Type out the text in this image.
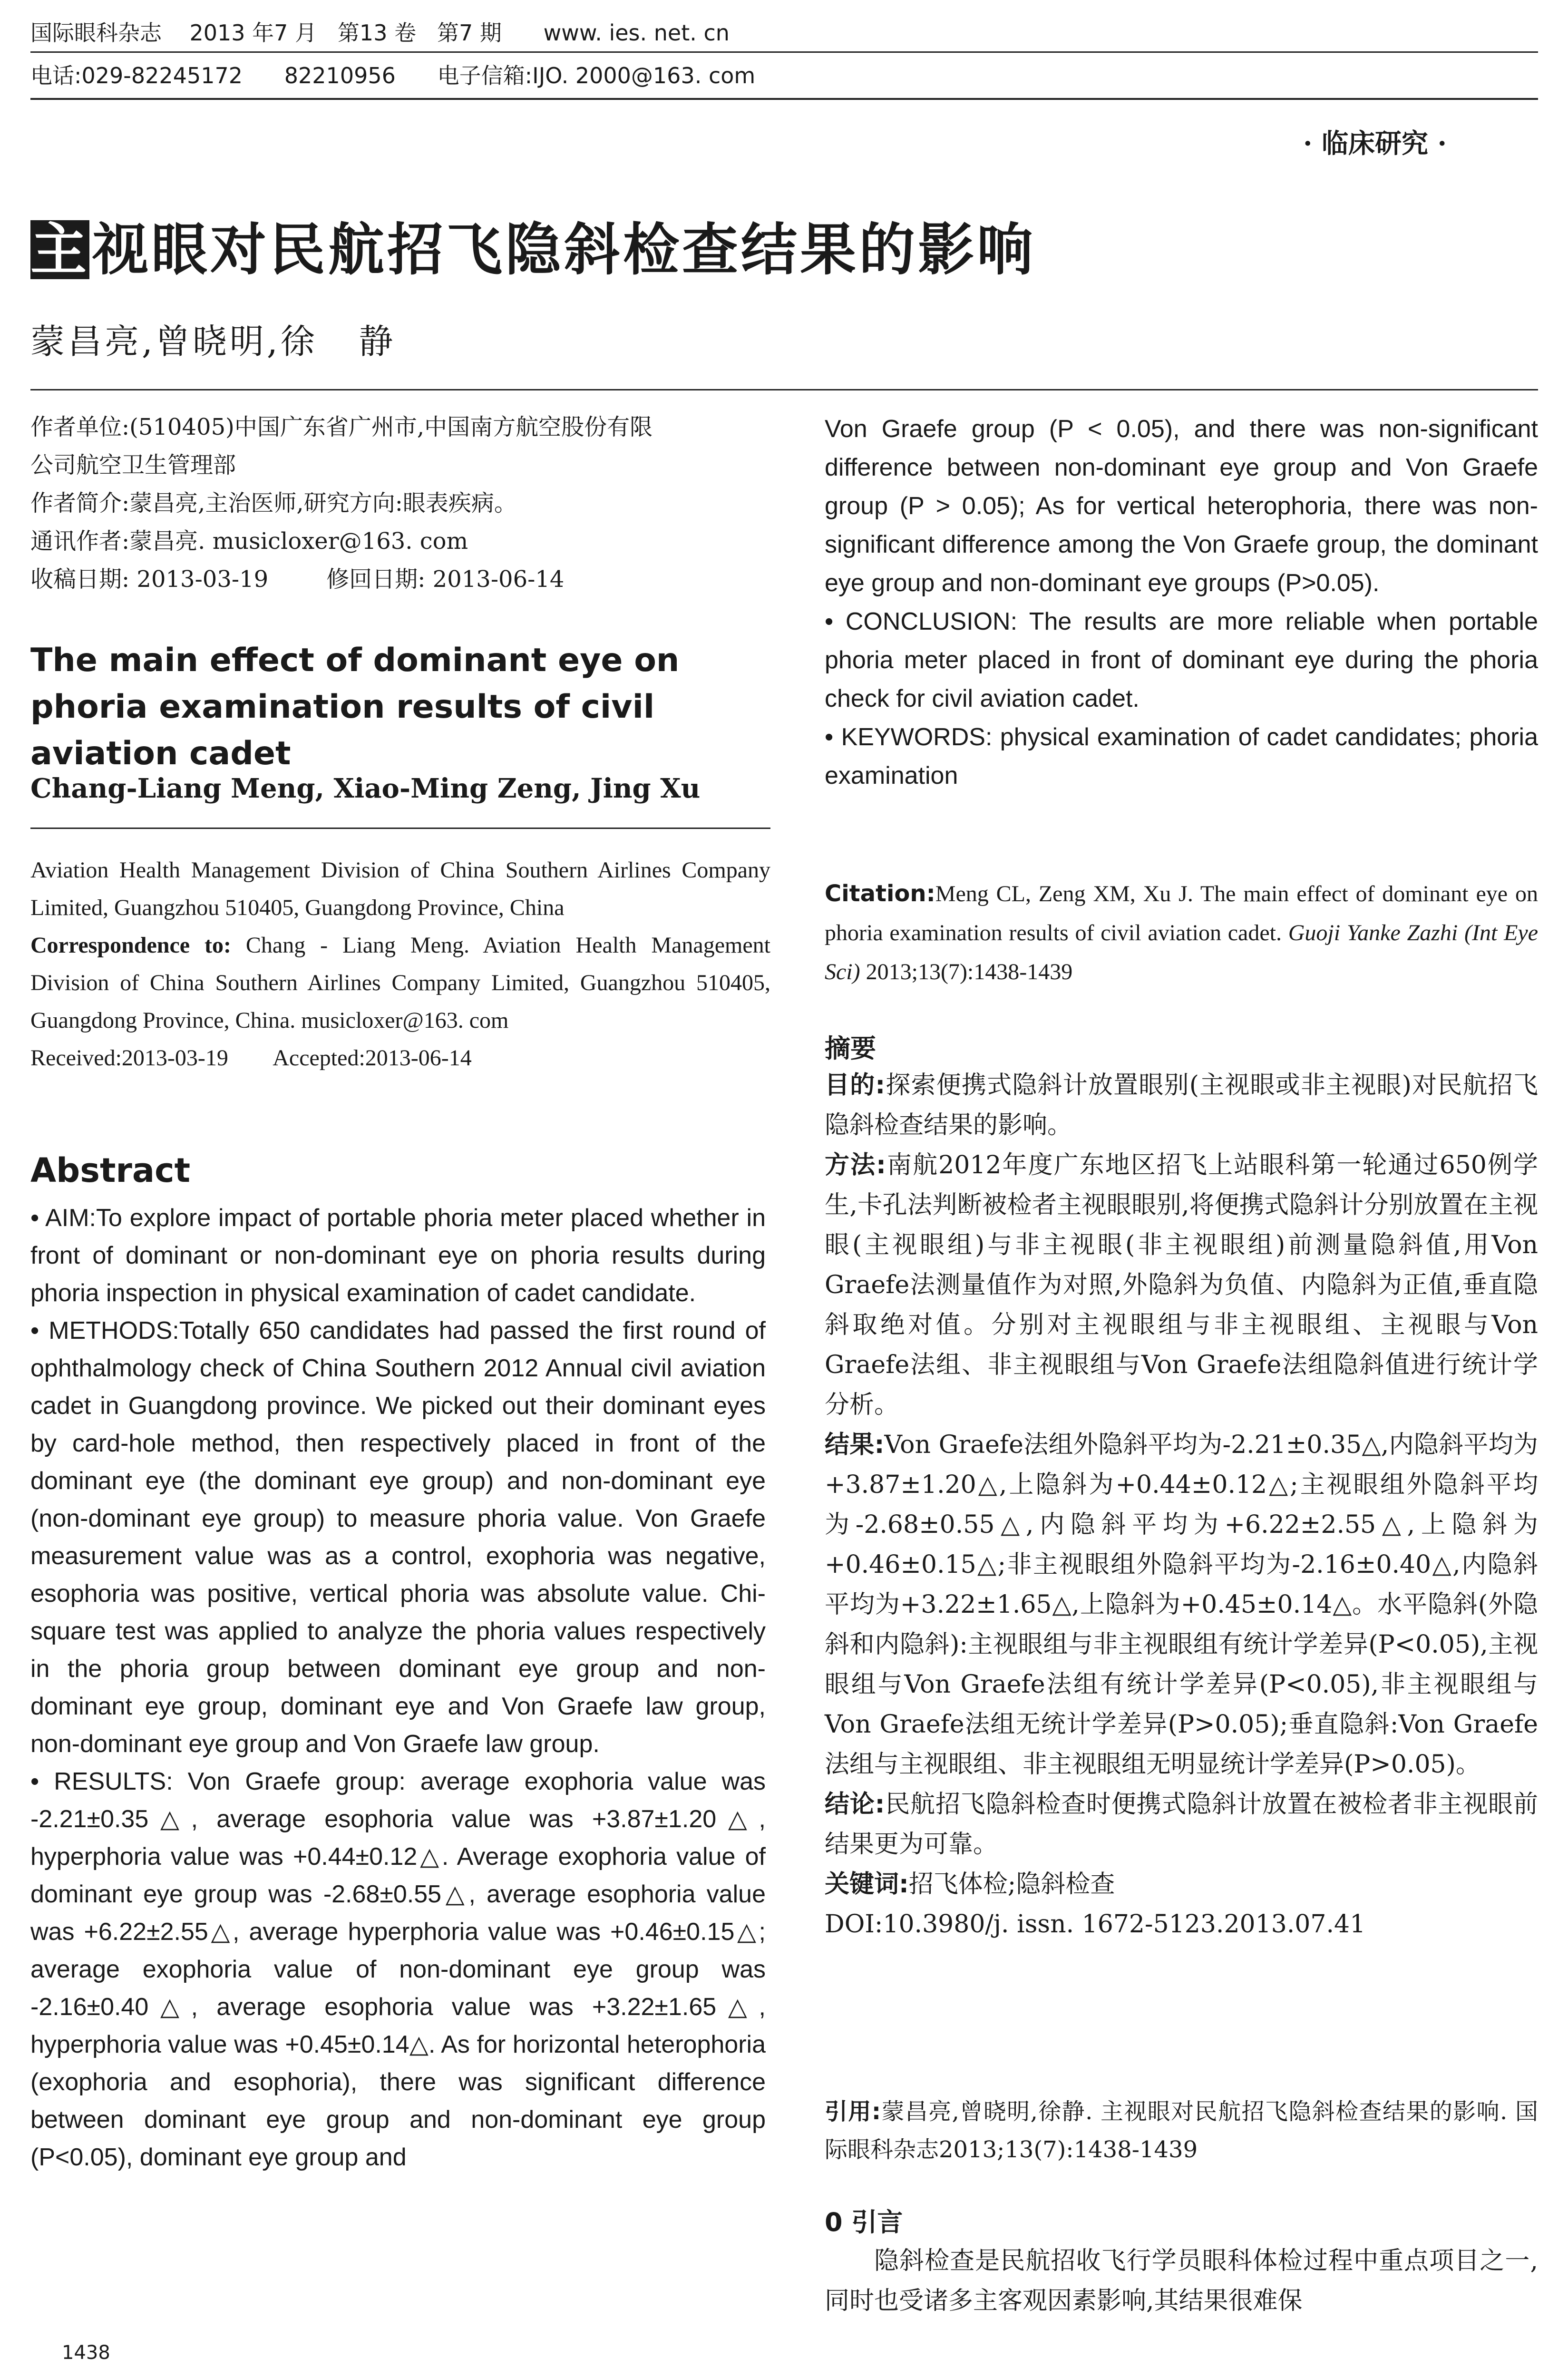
国际眼科杂志    2013 年7 月   第13 卷   第7 期      www. ies. net. cn
电话:029-82245172      82210956      电子信箱:IJO. 2000@163. com
· 临床研究 ·
主视眼对民航招飞隐斜检查结果的影响
蒙昌亮,曾晓明,徐   静
作者单位:(510405)中国广东省广州市,中国南方航空股份有限
公司航空卫生管理部
作者简介:蒙昌亮,主治医师,研究方向:眼表疾病。
通讯作者:蒙昌亮. musicloxer@163. com
收稿日期: 2013-03-19        修回日期: 2013-06-14
The main effect of dominant eye on phoria examination results of civil aviation cadet
Chang-Liang Meng, Xiao-Ming Zeng, Jing Xu
Aviation Health Management Division of China Southern Airlines Company Limited, Guangzhou 510405, Guangdong Province, China
Correspondence to: Chang - Liang Meng. Aviation Health Management Division of China Southern Airlines Company Limited, Guangzhou 510405, Guangdong Province, China. musicloxer@163. com
Received:2013-03-19        Accepted:2013-06-14
Abstract

• AIM:To explore impact of portable phoria meter placed whether in front of dominant or non-dominant eye on phoria results during phoria inspection in physical examination of cadet candidate.

• METHODS:Totally 650 candidates had passed the first round of ophthalmology check of China Southern 2012 Annual civil aviation cadet in Guangdong province. We picked out their dominant eyes by card-hole method, then respectively placed in front of the dominant eye (the dominant eye group) and non-dominant eye (non-dominant eye group) to measure phoria value. Von Graefe measurement value was as a control, exophoria was negative, esophoria was positive, vertical phoria was absolute value. Chi-square test was applied to analyze the phoria values respectively in the phoria group between dominant eye group and non-dominant eye group, dominant eye and Von Graefe law group, non-dominant eye group and Von Graefe law group.

• RESULTS: Von Graefe group: average exophoria value was -2.21±0.35△, average esophoria value was +3.87±1.20△, hyperphoria value was +0.44±0.12△. Average exophoria value of dominant eye group was -2.68±0.55△, average esophoria value was +6.22±2.55△, average hyperphoria value was +0.46±0.15△; average exophoria value of non-dominant eye group was -2.16±0.40△, average esophoria value was +3.22±1.65△, hyperphoria value was +0.45±0.14△. As for horizontal heterophoria (exophoria and esophoria), there was significant difference between dominant eye group and non-dominant eye group (P<0.05), dominant eye group and

Von Graefe group (P < 0.05), and there was non-significant difference between non-dominant eye group and Von Graefe group (P > 0.05); As for vertical heterophoria, there was non-significant difference among the Von Graefe group, the dominant eye group and non-dominant eye groups (P>0.05).

• CONCLUSION: The results are more reliable when portable phoria meter placed in front of dominant eye during the phoria check for civil aviation cadet.

• KEYWORDS: physical examination of cadet candidates; phoria examination

Citation:Meng CL, Zeng XM, Xu J. The main effect of dominant eye on phoria examination results of civil aviation cadet. Guoji Yanke Zazhi (Int Eye Sci) 2013;13(7):1438-1439
摘要

目的:探索便携式隐斜计放置眼别(主视眼或非主视眼)对民航招飞隐斜检查结果的影响。

方法:南航2012年度广东地区招飞上站眼科第一轮通过650例学生,卡孔法判断被检者主视眼眼别,将便携式隐斜计分别放置在主视眼(主视眼组)与非主视眼(非主视眼组)前测量隐斜值,用Von Graefe法测量值作为对照,外隐斜为负值、内隐斜为正值,垂直隐斜取绝对值。分别对主视眼组与非主视眼组、主视眼与Von Graefe法组、非主视眼组与Von Graefe法组隐斜值进行统计学分析。

结果:Von Graefe法组外隐斜平均为-2.21±0.35△,内隐斜平均为+3.87±1.20△,上隐斜为+0.44±0.12△;主视眼组外隐斜平均为-2.68±0.55△,内隐斜平均为+6.22±2.55△,上隐斜为+0.46±0.15△;非主视眼组外隐斜平均为-2.16±0.40△,内隐斜平均为+3.22±1.65△,上隐斜为+0.45±0.14△。水平隐斜(外隐斜和内隐斜):主视眼组与非主视眼组有统计学差异(P<0.05),主视眼组与Von Graefe法组有统计学差异(P<0.05),非主视眼组与Von Graefe法组无统计学差异(P>0.05);垂直隐斜:Von Graefe法组与主视眼组、非主视眼组无明显统计学差异(P>0.05)。

结论:民航招飞隐斜检查时便携式隐斜计放置在被检者非主视眼前结果更为可靠。

关键词:招飞体检;隐斜检查

DOI:10.3980/j. issn. 1672-5123.2013.07.41

引用:蒙昌亮,曾晓明,徐静. 主视眼对民航招飞隐斜检查结果的影响. 国际眼科杂志2013;13(7):1438-1439
0 引言
隐斜检查是民航招收飞行学员眼科体检过程中重点项目之一,同时也受诸多主客观因素影响,其结果很难保
1438
